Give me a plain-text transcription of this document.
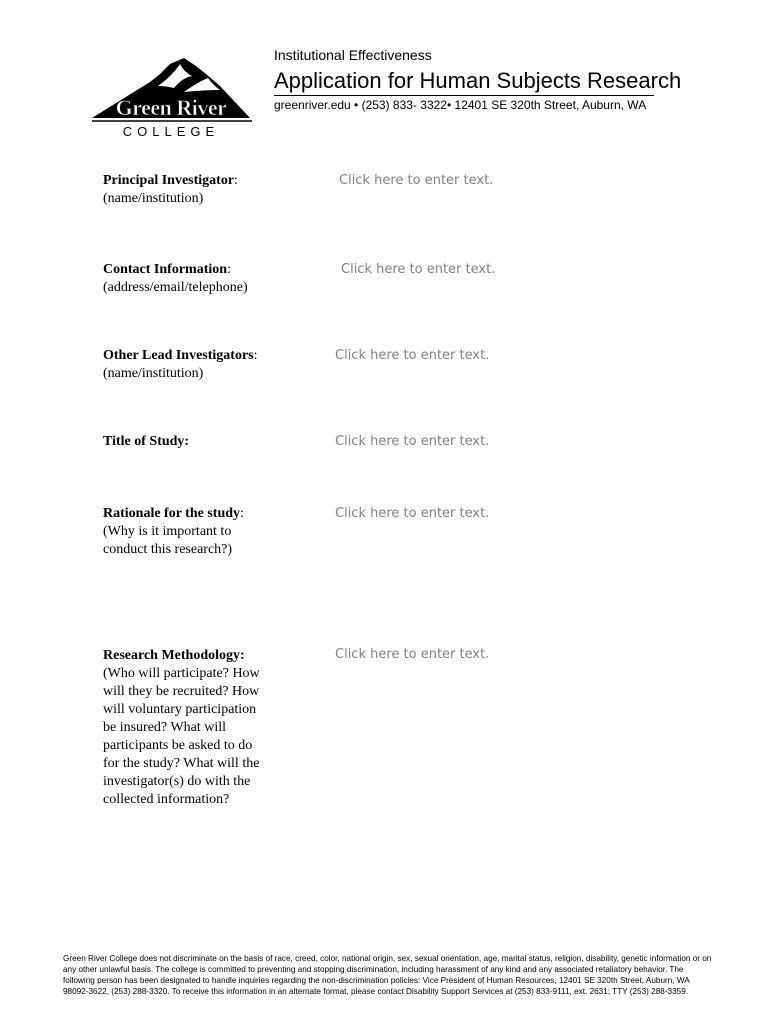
Green River
COLLEGE
Institutional Effectiveness
Application for Human Subjects Research
greenriver.edu • (253) 833- 3322• 12401 SE 320th Street, Auburn, WA
Principal Investigator:
(name/institution)
Click here to enter text.
Contact Information:
(address/email/telephone)
Click here to enter text.
Other Lead Investigators:
(name/institution)
Click here to enter text.
Title of Study:	Click here to enter text.
Rationale for the study:
(Why is it important to conduct this research?)
Click here to enter text.
Research Methodology:
(Who will participate? How will they be recruited? How will voluntary participation be insured? What will participants be asked to do for the study? What will the investigator(s) do with the collected information?
Click here to enter text.
Green River College does not discriminate on the basis of race, creed, color, national origin, sex, sexual orientation, age, marital status, religion, disability, genetic information or on any other unlawful basis. The college is committed to preventing and stopping discrimination, including harassment of any kind and any associated retaliatory behavior. The following person has been designated to handle inquiries regarding the non-discrimination policies: Vice President of Human Resources, 12401 SE 320th Street, Auburn, WA 98092-3622, (253) 288-3320. To receive this information in an alternate format, please contact Disability Support Services at (253) 833-9111, ext. 2631; TTY (253) 288-3359.
